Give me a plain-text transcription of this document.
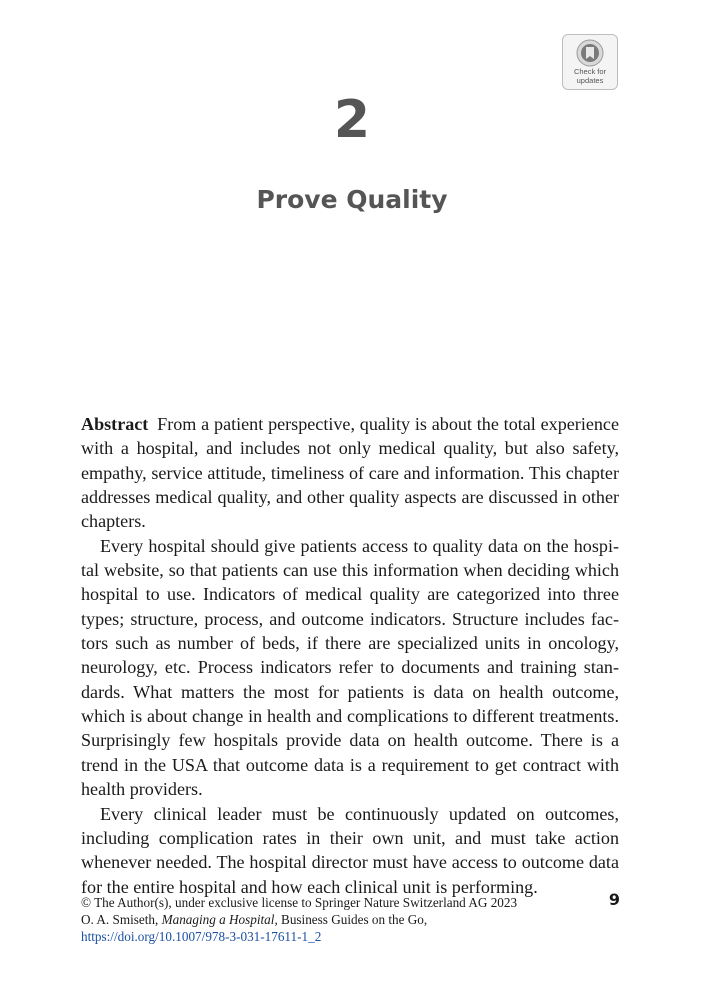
Check for
updates
2
Prove Quality

Abstract From a patient perspective, quality is about the total experience with a hospital, and includes not only medical quality, but also safety, empathy, service attitude, timeliness of care and information. This chapter addresses medical quality, and other quality aspects are discussed in other chapters.

Every hospital should give patients access to quality data on the hospital website, so that patients can use this information when deciding which hospital to use. Indicators of medical quality are categorized into three types; structure, process, and outcome indicators. Structure includes factors such as number of beds, if there are specialized units in oncology, neurology, etc. Process indicators refer to documents and training standards. What matters the most for patients is data on health outcome, which is about change in health and complications to different treatments. Surprisingly few hospitals provide data on health outcome. There is a trend in the USA that outcome data is a requirement to get contract with health providers.

Every clinical leader must be continuously updated on outcomes, including complication rates in their own unit, and must take action whenever needed. The hospital director must have access to outcome data for the entire hospital and how each clinical unit is performing.

© The Author(s), under exclusive license to Springer Nature Switzerland AG 2023
O. A. Smiseth, Managing a Hospital, Business Guides on the Go,
https://doi.org/10.1007/978-3-031-17611-1_2
9
